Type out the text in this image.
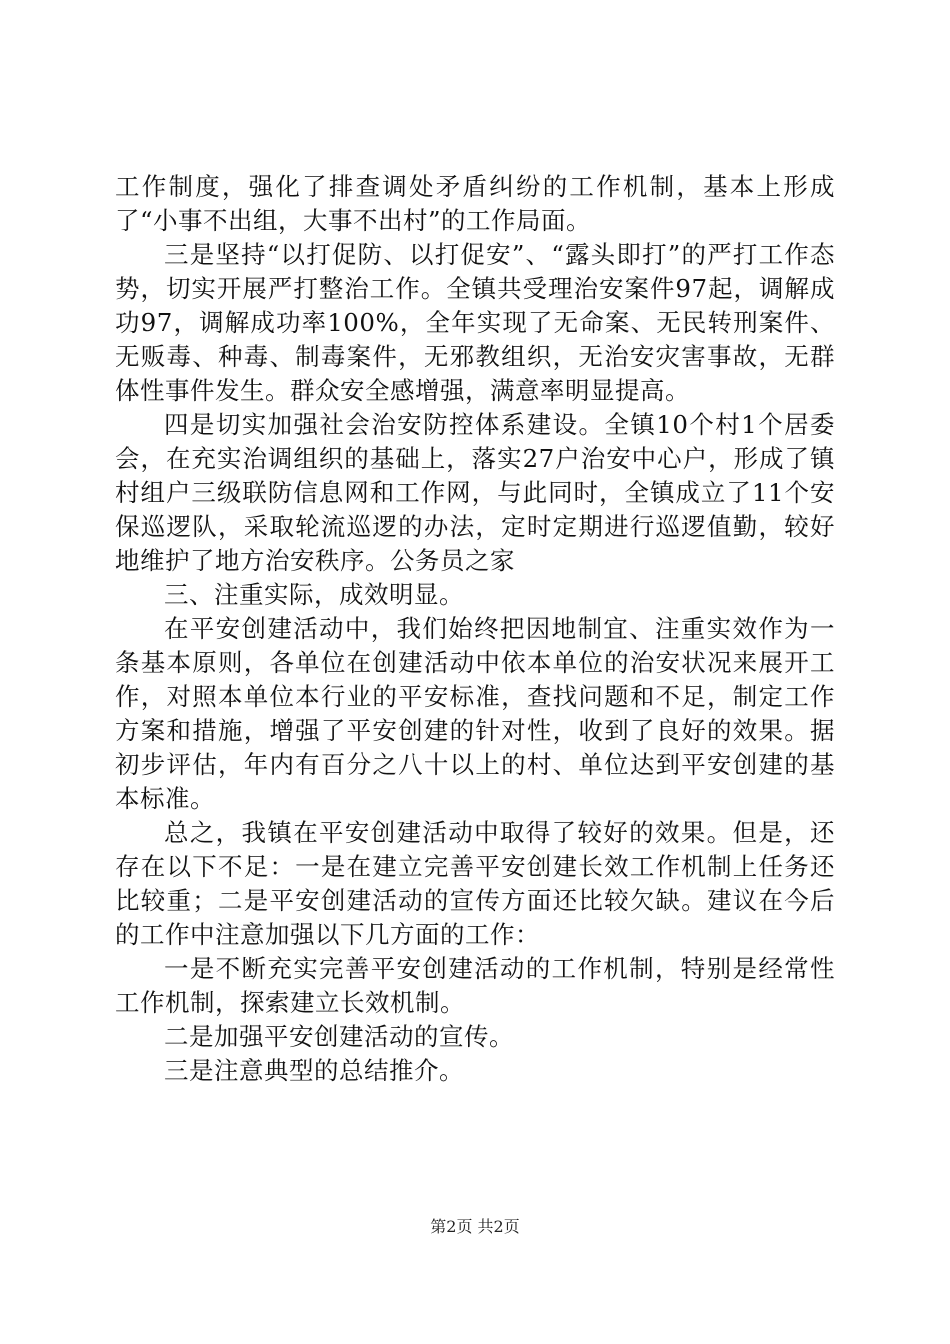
工作制度，强化了排查调处矛盾纠纷的工作机制，基本上形成了“小事不出组，大事不出村”的工作局面。

三是坚持“以打促防、以打促安”、“露头即打”的严打工作态势，切实开展严打整治工作。全镇共受理治安案件97起，调解成功97，调解成功率100%，全年实现了无命案、无民转刑案件、无贩毒、种毒、制毒案件，无邪教组织，无治安灾害事故，无群体性事件发生。群众安全感增强，满意率明显提高。

四是切实加强社会治安防控体系建设。全镇10个村1个居委会，在充实治调组织的基础上，落实27户治安中心户，形成了镇村组户三级联防信息网和工作网，与此同时，全镇成立了11个安保巡逻队，采取轮流巡逻的办法，定时定期进行巡逻值勤，较好地维护了地方治安秩序。公务员之家

三、注重实际，成效明显。

在平安创建活动中，我们始终把因地制宜、注重实效作为一条基本原则，各单位在创建活动中依本单位的治安状况来展开工作，对照本单位本行业的平安标准，查找问题和不足，制定工作方案和措施，增强了平安创建的针对性，收到了良好的效果。据初步评估，年内有百分之八十以上的村、单位达到平安创建的基本标准。

总之，我镇在平安创建活动中取得了较好的效果。但是，还存在以下不足：一是在建立完善平安创建长效工作机制上任务还比较重；二是平安创建活动的宣传方面还比较欠缺。建议在今后的工作中注意加强以下几方面的工作：

一是不断充实完善平安创建活动的工作机制，特别是经常性工作机制，探索建立长效机制。

二是加强平安创建活动的宣传。

三是注意典型的总结推介。

第2页 共2页
